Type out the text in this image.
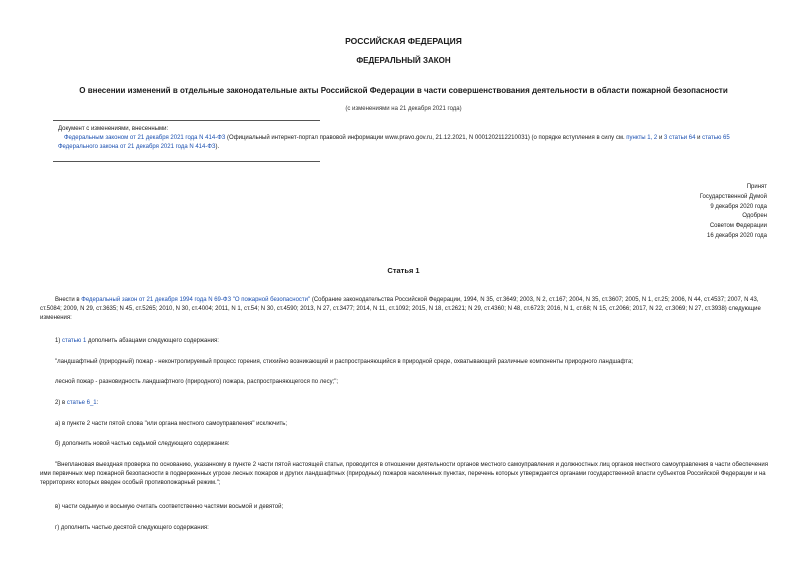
РОССИЙСКАЯ ФЕДЕРАЦИЯ
ФЕДЕРАЛЬНЫЙ ЗАКОН
О внесении изменений в отдельные законодательные акты Российской Федерации в части совершенствования деятельности в области пожарной безопасности
(с изменениями на 21 декабря 2021 года)
Документ с изменениями, внесенными:
Федеральным законом от 21 декабря 2021 года N 414-ФЗ (Официальный интернет-портал правовой информации www.pravo.gov.ru, 21.12.2021, N 0001202112210031) (о порядке вступления в силу см. пункты 1, 2 и 3 статьи 64 и статью 65 Федерального закона от 21 декабря 2021 года N 414-ФЗ).
Принят
Государственной Думой
9 декабря 2020 года
Одобрен
Советом Федерации
16 декабря 2020 года
Статья 1
Внести в Федеральный закон от 21 декабря 1994 года N 69-ФЗ "О пожарной безопасности" (Собрание законодательства Российской Федерации, 1994, N 35, ст.3649; 2003, N 2, ст.167; 2004, N 35, ст.3607; 2005, N 1, ст.25; 2006, N 44, ст.4537; 2007, N 43, ст.5084; 2009, N 29, ст.3635; N 45, ст.5265; 2010, N 30, ст.4004; 2011, N 1, ст.54; N 30, ст.4590; 2013, N 27, ст.3477; 2014, N 11, ст.1092; 2015, N 18, ст.2621; N 29, ст.4360; N 48, ст.6723; 2016, N 1, ст.68; N 15, ст.2066; 2017, N 22, ст.3069; N 27, ст.3938) следующие изменения:
1) статью 1 дополнить абзацами следующего содержания:
"ландшафтный (природный) пожар - неконтролируемый процесс горения, стихийно возникающий и распространяющийся в природной среде, охватывающий различные компоненты природного ландшафта;
лесной пожар - разновидность ландшафтного (природного) пожара, распространяющегося по лесу;";
2) в статье 6_1:
а) в пункте 2 части пятой слова "или органа местного самоуправления" исключить;
б) дополнить новой частью седьмой следующего содержания:
"Внеплановая выездная проверка по основанию, указанному в пункте 2 части пятой настоящей статьи, проводится в отношении деятельности органов местного самоуправления и должностных лиц органов местного самоуправления в части обеспечения ими первичных мер пожарной безопасности в подверженных угрозе лесных пожаров и других ландшафтных (природных) пожаров населенных пунктах, перечень которых утверждается органами государственной власти субъектов Российской Федерации и на территориях которых введен особый противопожарный режим.";
в) части седьмую и восьмую считать соответственно частями восьмой и девятой;
г) дополнить частью десятой следующего содержания:
